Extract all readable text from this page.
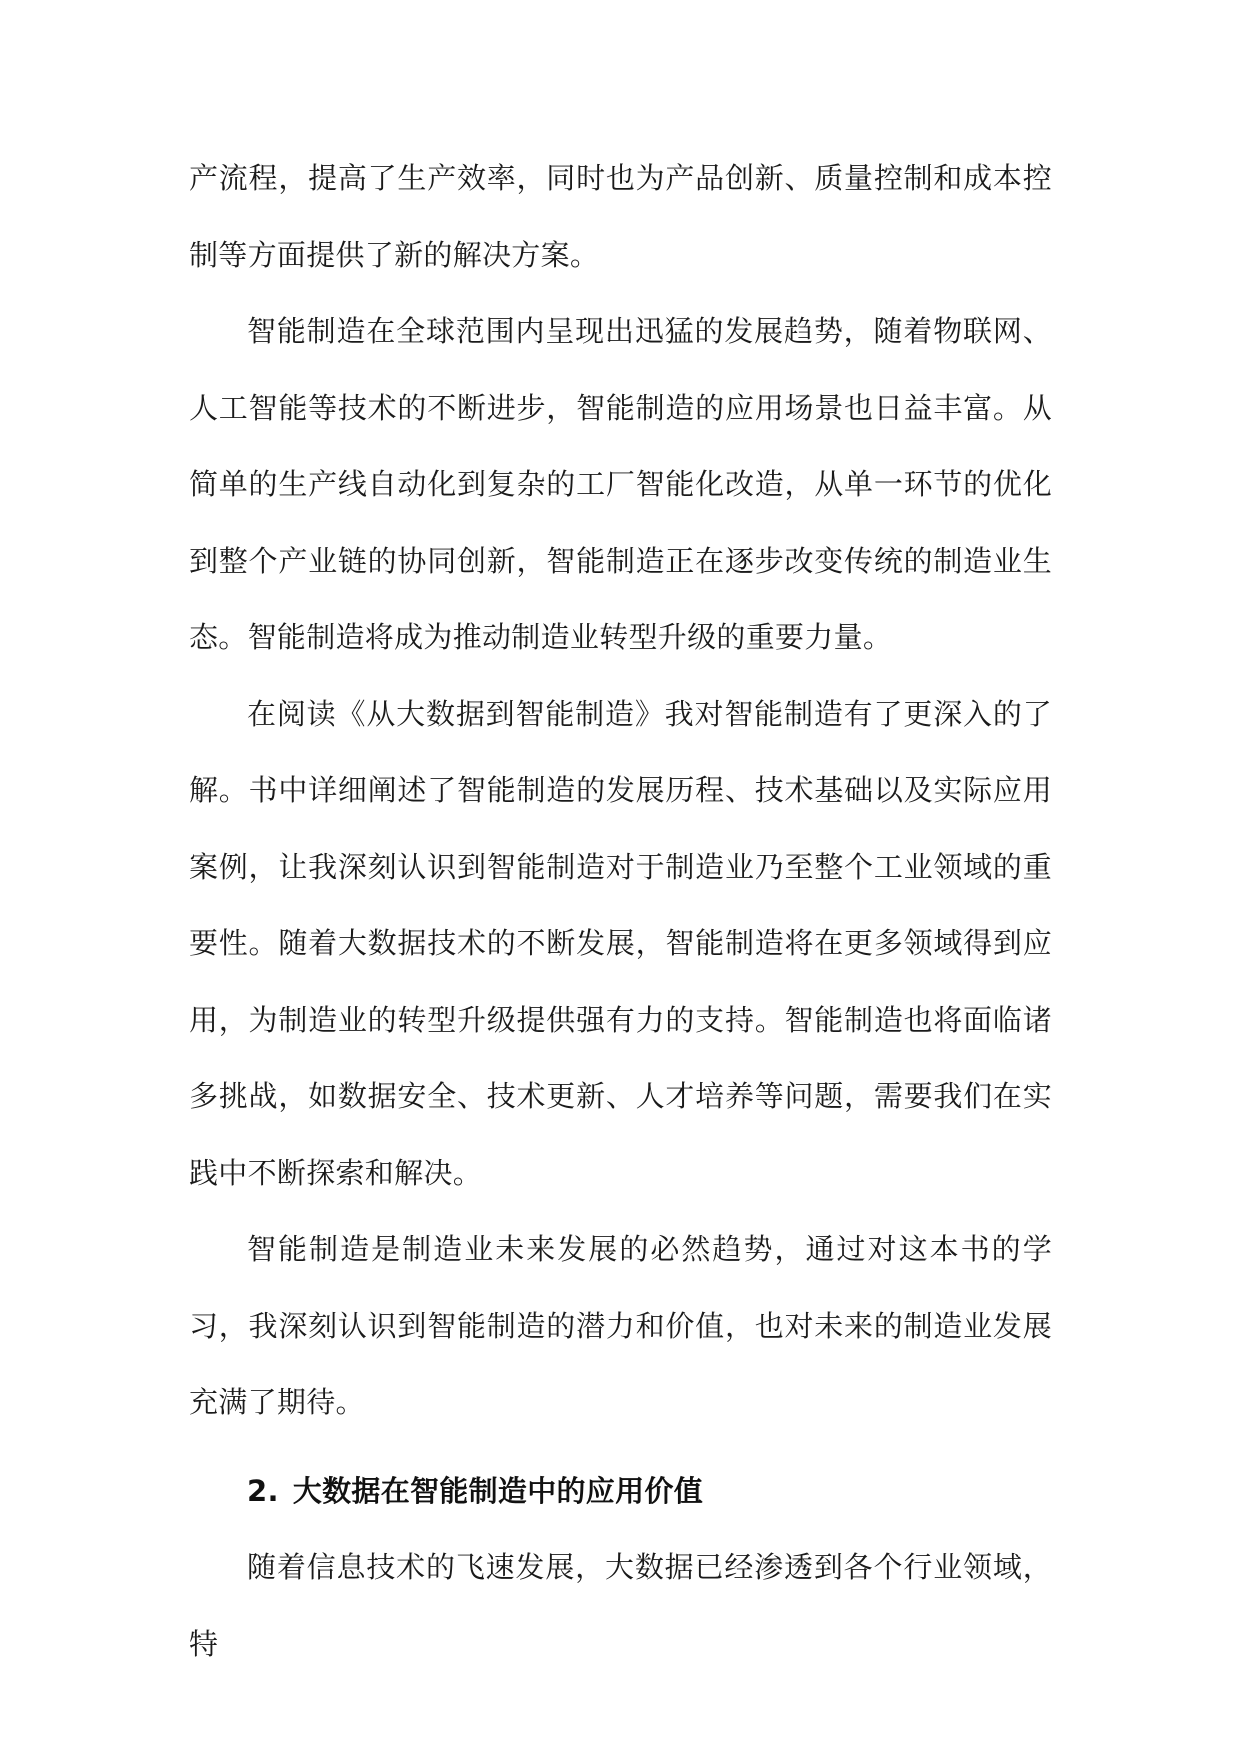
产流程，提高了生产效率，同时也为产品创新、质量控制和成本控制等方面提供了新的解决方案。

智能制造在全球范围内呈现出迅猛的发展趋势，随着物联网、人工智能等技术的不断进步，智能制造的应用场景也日益丰富。从简单的生产线自动化到复杂的工厂智能化改造，从单一环节的优化到整个产业链的协同创新，智能制造正在逐步改变传统的制造业生态。智能制造将成为推动制造业转型升级的重要力量。

在阅读《从大数据到智能制造》我对智能制造有了更深入的了解。书中详细阐述了智能制造的发展历程、技术基础以及实际应用案例，让我深刻认识到智能制造对于制造业乃至整个工业领域的重要性。随着大数据技术的不断发展，智能制造将在更多领域得到应用，为制造业的转型升级提供强有力的支持。智能制造也将面临诸多挑战，如数据安全、技术更新、人才培养等问题，需要我们在实践中不断探索和解决。

智能制造是制造业未来发展的必然趋势，通过对这本书的学习，我深刻认识到智能制造的潜力和价值，也对未来的制造业发展充满了期待。

2. 大数据在智能制造中的应用价值

随着信息技术的飞速发展，大数据已经渗透到各个行业领域，特
